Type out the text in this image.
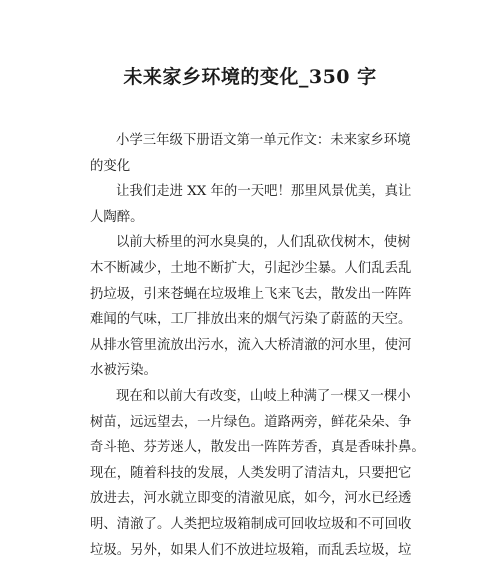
未来家乡环境的变化_350 字
小学三年级下册语文第一单元作文：未来家乡环境
的变化
让我们走进 XX 年的一天吧！那里风景优美，真让
人陶醉。
以前大桥里的河水臭臭的，人们乱砍伐树木，使树
木不断减少，土地不断扩大，引起沙尘暴。人们乱丢乱
扔垃圾，引来苍蝇在垃圾堆上飞来飞去，散发出一阵阵
难闻的气味，工厂排放出来的烟气污染了蔚蓝的天空。
从排水管里流放出污水，流入大桥清澈的河水里，使河
水被污染。
现在和以前大有改变，山岐上种满了一棵又一棵小
树苗，远远望去，一片绿色。道路两旁，鲜花朵朵、争
奇斗艳、芬芳迷人，散发出一阵阵芳香，真是香味扑鼻。
现在，随着科技的发展，人类发明了清洁丸，只要把它
放进去，河水就立即变的清澈见底，如今，河水已经透
明、清澈了。人类把垃圾箱制成可回收垃圾和不可回收
垃圾。另外，如果人们不放进垃圾箱，而乱丢垃圾，垃
